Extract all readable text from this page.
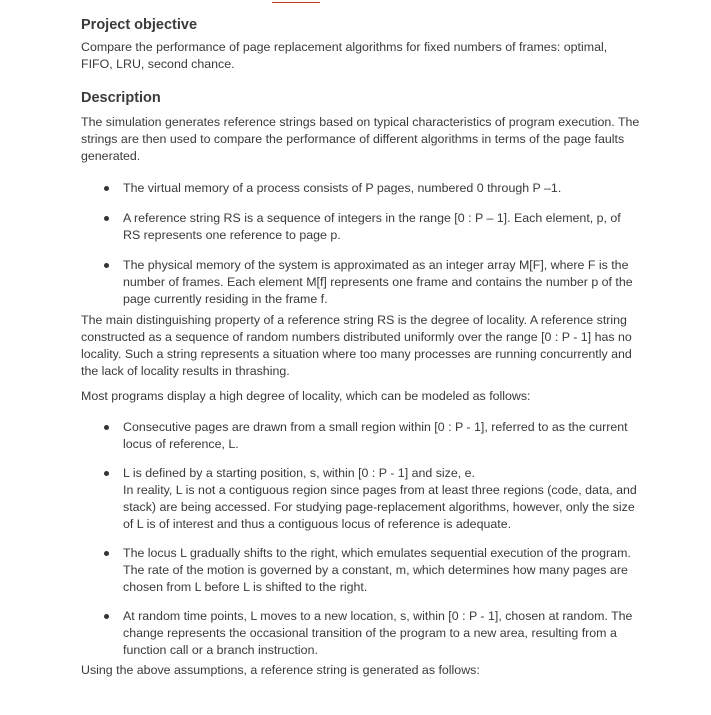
Project objective

Compare the performance of page replacement algorithms for fixed numbers of frames: optimal, FIFO, LRU, second chance.

Description

The simulation generates reference strings based on typical characteristics of program execution. The strings are then used to compare the performance of different algorithms in terms of the page faults generated.

The virtual memory of a process consists of P pages, numbered 0 through P –1.
A reference string RS is a sequence of integers in the range [0 : P – 1]. Each element, p, of RS represents one reference to page p.
The physical memory of the system is approximated as an integer array M[F], where F is the number of frames. Each element M[f] represents one frame and contains the number p of the page currently residing in the frame f.

The main distinguishing property of a reference string RS is the degree of locality. A reference string constructed as a sequence of random numbers distributed uniformly over the range [0 : P - 1] has no locality. Such a string represents a situation where too many processes are running concurrently and the lack of locality results in thrashing.

Most programs display a high degree of locality, which can be modeled as follows:

Consecutive pages are drawn from a small region within [0 : P - 1], referred to as the current locus of reference, L.
L is defined by a starting position, s, within [0 : P - 1] and size, e.
In reality, L is not a contiguous region since pages from at least three regions (code, data, and stack) are being accessed. For studying page-replacement algorithms, however, only the size of L is of interest and thus a contiguous locus of reference is adequate.
The locus L gradually shifts to the right, which emulates sequential execution of the program. The rate of the motion is governed by a constant, m, which determines how many pages are chosen from L before L is shifted to the right.
At random time points, L moves to a new location, s, within [0 : P - 1], chosen at random. The change represents the occasional transition of the program to a new area, resulting from a function call or a branch instruction.

Using the above assumptions, a reference string is generated as follows:
